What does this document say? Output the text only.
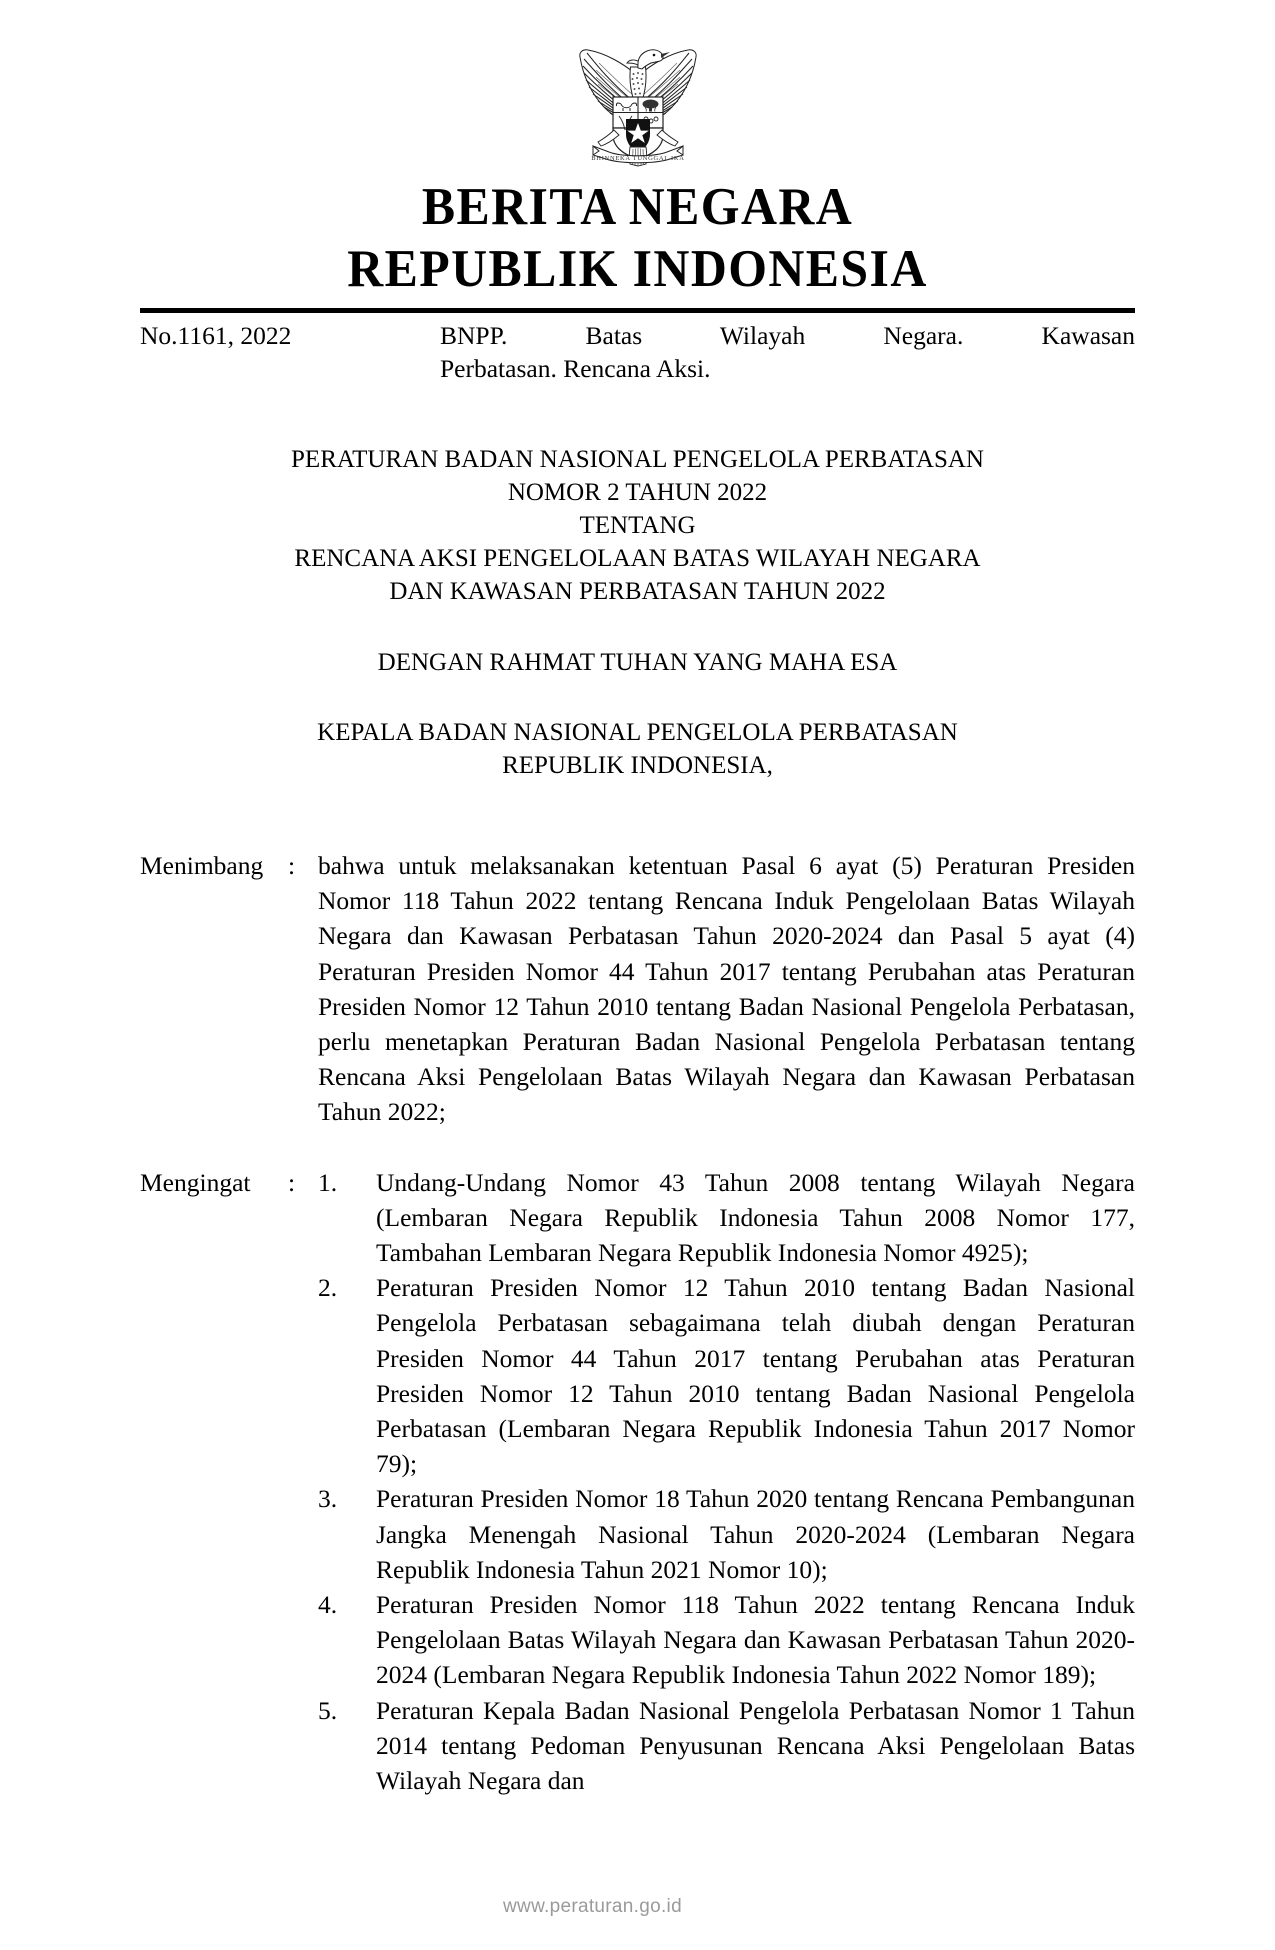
BHINNEKA TUNGGAL IKA
BERITA NEGARA
REPUBLIK INDONESIA
No.1161, 2022	BNPP. Batas Wilayah Negara. Kawasan
Perbatasan. Rencana Aksi.
PERATURAN BADAN NASIONAL PENGELOLA PERBATASAN
NOMOR 2 TAHUN 2022
TENTANG
RENCANA AKSI PENGELOLAAN BATAS WILAYAH NEGARA
DAN KAWASAN PERBATASAN TAHUN 2022
DENGAN RAHMAT TUHAN YANG MAHA ESA
KEPALA BADAN NASIONAL PENGELOLA PERBATASAN
REPUBLIK INDONESIA,
Menimbang : bahwa untuk melaksanakan ketentuan Pasal 6 ayat (5) Peraturan Presiden Nomor 118 Tahun 2022 tentang Rencana Induk Pengelolaan Batas Wilayah Negara dan Kawasan Perbatasan Tahun 2020-2024 dan Pasal 5 ayat (4) Peraturan Presiden Nomor 44 Tahun 2017 tentang Perubahan atas Peraturan Presiden Nomor 12 Tahun 2010 tentang Badan Nasional Pengelola Perbatasan, perlu menetapkan Peraturan Badan Nasional Pengelola Perbatasan tentang Rencana Aksi Pengelolaan Batas Wilayah Negara dan Kawasan Perbatasan Tahun 2022;
Mengingat	: 1.	Undang-Undang Nomor 43 Tahun 2008 tentang Wilayah Negara (Lembaran Negara Republik Indonesia Tahun 2008 Nomor 177, Tambahan Lembaran Negara Republik Indonesia Nomor 4925);
2.	Peraturan Presiden Nomor 12 Tahun 2010 tentang Badan Nasional Pengelola Perbatasan sebagaimana telah diubah dengan Peraturan Presiden Nomor 44 Tahun 2017 tentang Perubahan atas Peraturan Presiden Nomor 12 Tahun 2010 tentang Badan Nasional Pengelola Perbatasan (Lembaran Negara Republik Indonesia Tahun 2017 Nomor 79);
3.	Peraturan Presiden Nomor 18 Tahun 2020 tentang Rencana Pembangunan Jangka Menengah Nasional Tahun 2020-2024 (Lembaran Negara Republik Indonesia Tahun 2021 Nomor 10);
4.	Peraturan Presiden Nomor 118 Tahun 2022 tentang Rencana Induk Pengelolaan Batas Wilayah Negara dan Kawasan Perbatasan Tahun 2020-2024 (Lembaran Negara Republik Indonesia Tahun 2022 Nomor 189);
5.	Peraturan Kepala Badan Nasional Pengelola Perbatasan Nomor 1 Tahun 2014 tentang Pedoman Penyusunan Rencana Aksi Pengelolaan Batas Wilayah Negara dan
www.peraturan.go.id
